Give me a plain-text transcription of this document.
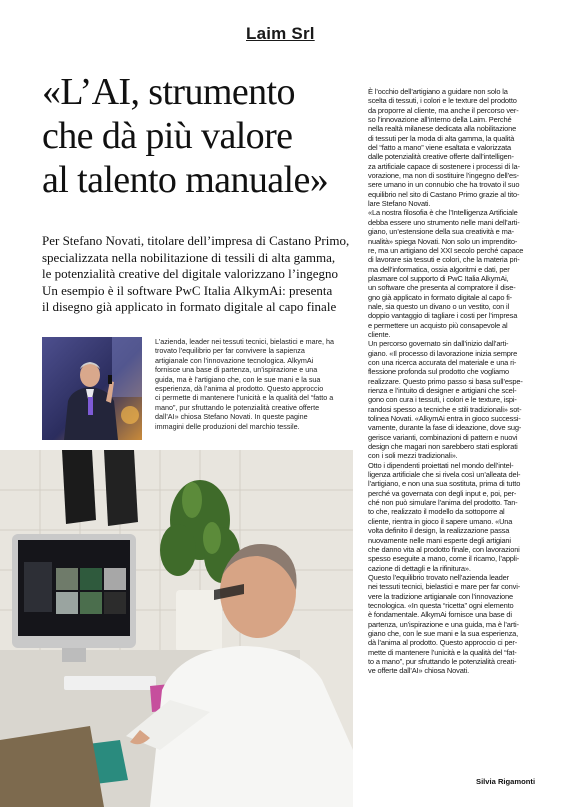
Laim Srl
«L’AI, strumento
che dà più valore
al talento manuale»
Per Stefano Novati, titolare dell’impresa di Castano Primo,
specializzata nella nobilitazione di tessili di alta gamma,
le potenzialità creative del digitale valorizzano l’ingegno
Un esempio è il software PwC Italia AlkymAi: presenta
il disegno già applicato in formato digitale al capo finale
L’azienda, leader nei tessuti tecnici, bielastici e mare, ha
trovato l’equilibrio per far convivere la sapienza
artigianale con l’innovazione tecnologica. AlkymAi
fornisce una base di partenza, un’ispirazione e una
guida, ma è l’artigiano che, con le sue mani e la sua
esperienza, dà l’anima al prodotto. Questo approccio
ci permette di mantenere l’unicità e la qualità del “fatto a
mano”, pur sfruttando le potenzialità creative offerte
dall’AI» chiosa Stefano Novati. In queste pagine
immagini delle produzioni del marchio tessile.
È l’occhio dell’artigiano a guidare non solo la
scelta di tessuti, i colori e le texture del prodotto
da proporre al cliente, ma anche il percorso ver-
so l’innovazione all’interno della Laim. Perché
nella realtà milanese dedicata alla nobilitazione
di tessuti per la moda di alta gamma, la qualità
del “fatto a mano” viene esaltata e valorizzata
dalle potenzialità creative offerte dall’intelligen-
za artificiale capace di sostenere i processi di la-
vorazione, ma non di sostituire l’ingegno dell’es-
sere umano in un connubio che ha trovato il suo
equilibrio nel sito di Castano Primo grazie al tito-
lare Stefano Novati.
«La nostra filosofia è che l’Intelligenza Artificiale
debba essere uno strumento nelle mani dell’arti-
giano, un’estensione della sua creatività e ma-
nualità» spiega Novati. Non solo un imprendito-
re, ma un artigiano del XXI secolo perché capace
di lavorare sia tessuti e colori, che la materia pri-
ma dell’informatica, ossia algoritmi e dati, per
plasmare col supporto di PwC Italia AlkymAi,
un software che presenta al compratore il dise-
gno già applicato in formato digitale al capo fi-
nale, sia questo un divano o un vestito, con il
doppio vantaggio di tagliare i costi per l’impresa
e permettere un acquisto più consapevole al
cliente.
Un percorso governato sin dall’inizio dall’arti-
giano. «Il processo di lavorazione inizia sempre
con una ricerca accurata del materiale e una ri-
flessione profonda sul prodotto che vogliamo
realizzare. Questo primo passo si basa sull’espe-
rienza e l’intuito di designer e artigiani che scel-
gono con cura i tessuti, i colori e le texture, ispi-
randosi spesso a tecniche e stili tradizionali» sot-
tolinea Novati. «AlkymAi entra in gioco successi-
vamente, durante la fase di ideazione, dove sug-
gerisce varianti, combinazioni di pattern e nuovi
design che magari non sarebbero stati esplorati
con i soli mezzi tradizionali».
Otto i dipendenti proiettati nel mondo dell’intel-
ligenza artificiale che si rivela così un’alleata del-
l’artigiano, e non una sua sostituta, prima di tutto
perché va governata con degli input e, poi, per-
ché non può simulare l’anima del prodotto. Tan-
to che, realizzato il modello da sottoporre al
cliente, rientra in gioco il sapere umano. «Una
volta definito il design, la realizzazione passa
nuovamente nelle mani esperte degli artigiani
che danno vita al prodotto finale, con lavorazioni
spesso eseguite a mano, come il ricamo, l’appli-
cazione di dettagli e la rifinitura».
Questo l’equilibrio trovato nell’azienda leader
nei tessuti tecnici, bielastici e mare per far convi-
vere la tradizione artigianale con l’innovazione
tecnologica. «In questa “ricetta” ogni elemento
è fondamentale. AlkymAi fornisce una base di
partenza, un’ispirazione e una guida, ma è l’arti-
giano che, con le sue mani e la sua esperienza,
dà l’anima al prodotto. Questo approccio ci per-
mette di mantenere l’unicità e la qualità del “fat-
to a mano”, pur sfruttando le potenzialità creati-
ve offerte dall’AI» chiosa Novati.
Silvia Rigamonti
